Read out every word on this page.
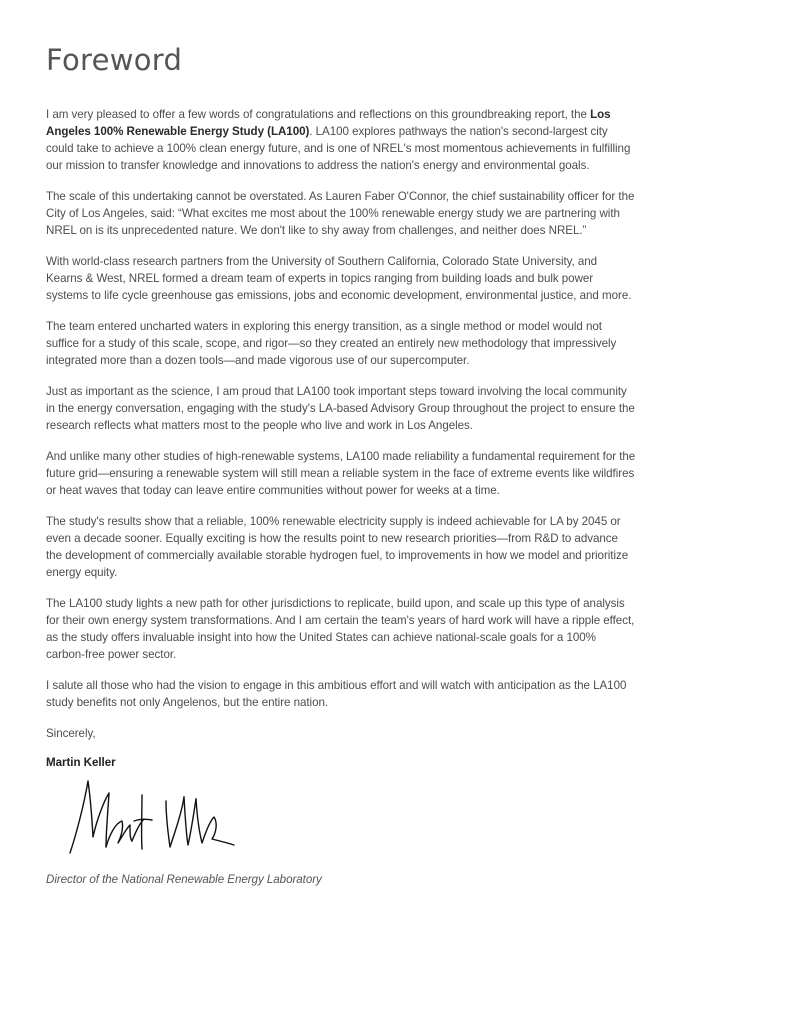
Foreword

I am very pleased to offer a few words of congratulations and reflections on this groundbreaking report, the Los Angeles 100% Renewable Energy Study (LA100). LA100 explores pathways the nation's second-largest city could take to achieve a 100% clean energy future, and is one of NREL's most momentous achievements in fulfilling our mission to transfer knowledge and innovations to address the nation's energy and environmental goals.

The scale of this undertaking cannot be overstated. As Lauren Faber O'Connor, the chief sustainability officer for the City of Los Angeles, said: “What excites me most about the 100% renewable energy study we are partnering with NREL on is its unprecedented nature. We don't like to shy away from challenges, and neither does NREL.”

With world-class research partners from the University of Southern California, Colorado State University, and Kearns & West, NREL formed a dream team of experts in topics ranging from building loads and bulk power systems to life cycle greenhouse gas emissions, jobs and economic development, environmental justice, and more.

The team entered uncharted waters in exploring this energy transition, as a single method or model would not suffice for a study of this scale, scope, and rigor—so they created an entirely new methodology that impressively integrated more than a dozen tools—and made vigorous use of our supercomputer.

Just as important as the science, I am proud that LA100 took important steps toward involving the local community in the energy conversation, engaging with the study's LA-based Advisory Group throughout the project to ensure the research reflects what matters most to the people who live and work in Los Angeles.

And unlike many other studies of high-renewable systems, LA100 made reliability a fundamental requirement for the future grid—ensuring a renewable system will still mean a reliable system in the face of extreme events like wildfires or heat waves that today can leave entire communities without power for weeks at a time.

The study's results show that a reliable, 100% renewable electricity supply is indeed achievable for LA by 2045 or even a decade sooner. Equally exciting is how the results point to new research priorities—from R&D to advance the development of commercially available storable hydrogen fuel, to improvements in how we model and prioritize energy equity.

The LA100 study lights a new path for other jurisdictions to replicate, build upon, and scale up this type of analysis for their own energy system transformations. And I am certain the team's years of hard work will have a ripple effect, as the study offers invaluable insight into how the United States can achieve national-scale goals for a 100% carbon-free power sector.

I salute all those who had the vision to engage in this ambitious effort and will watch with anticipation as the LA100 study benefits not only Angelenos, but the entire nation.

Sincerely,

Martin Keller

Director of the National Renewable Energy Laboratory
